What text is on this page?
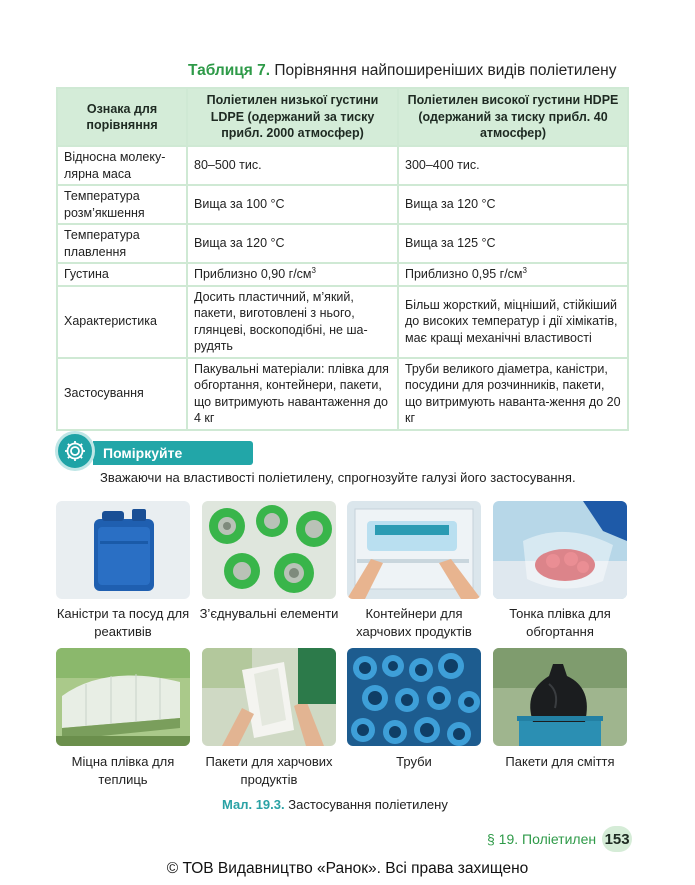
Таблиця 7. Порівняння найпоширеніших видів поліетилену
Ознака для порівняння	Поліетилен низької густини LDPE (одержаний за тиску прибл. 2000 атмосфер)	Поліетилен високої густини HDPE (одержаний за тиску прибл. 40 атмосфер)
Відносна молеку-лярна маса	80–500 тис.	300–400 тис.
Температура розм’якшення	Вища за 100 °С	Вища за 120 °С
Температура плавлення	Вища за 120 °С	Вища за 125 °С
Густина	Приблизно 0,90 $г/см^3$	Приблизно 0,95 $г/см^3$
Характеристика	Досить пластичний, м’який, пакети, виготовлені з нього, глянцеві, воскоподібні, не ша-рудять	Більш жорсткий, міцніший, стійкіший до високих температур і дії хімікатів, має кращі механічні властивості
Застосування	Пакувальні матеріали: плівка для обгортання, контейнери, пакети, що витримують навантаження до 4 кг	Труби великого діаметра, каністри, посудини для розчинників, пакети, що витримують наванта-ження до 20 кг
Поміркуйте
Зважаючи на властивості поліетилену, спрогнозуйте галузі його застосування.
Каністри та посуд для реактивів
З’єднувальні елементи	Контейнери для харчових продуктів
Тонка плівка для обгортання
Міцна плівка для теплиць
Пакети для харчових продуктів
Труби	Пакети для сміття
Мал. 19.3. Застосування поліетилену
§ 19. Поліетилен 153
© ТОВ Видавництво «Ранок». Всі права захищено
